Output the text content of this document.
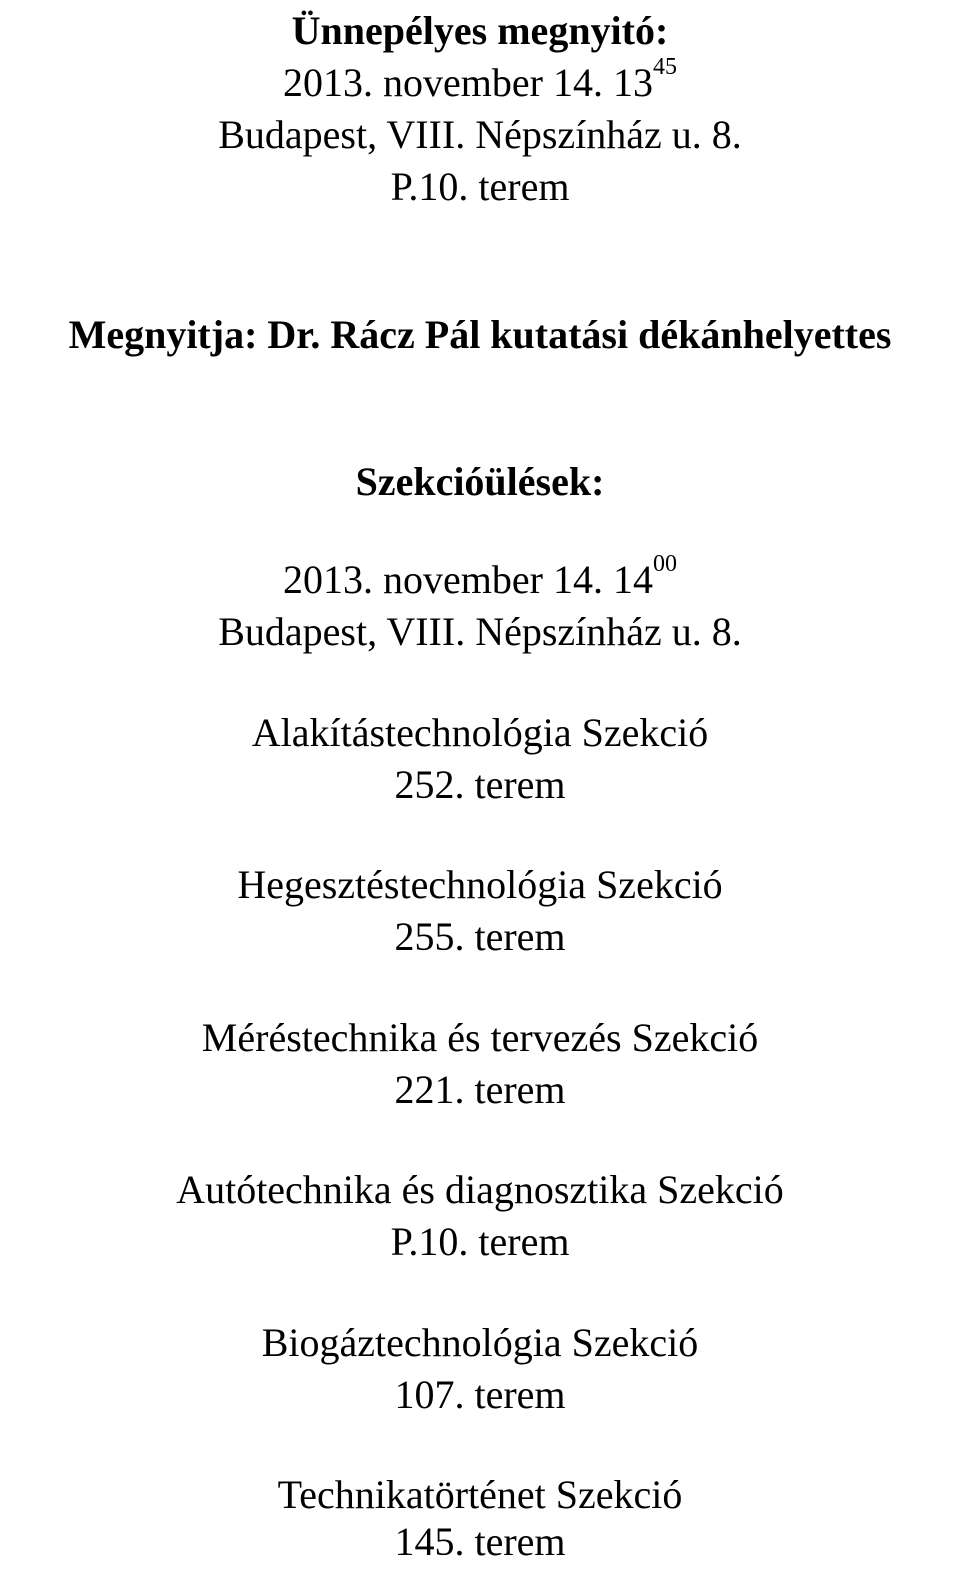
Ünnepélyes megnyitó:
2013. november 14. $13^{45}$
Budapest, VIII. Népszínház u. 8.
P.10. terem
Megnyitja: Dr. Rácz Pál kutatási dékánhelyettes
Szekcióülések:
2013. november 14. $14^{00}$
Budapest, VIII. Népszínház u. 8.
Alakítástechnológia Szekció
252. terem
Hegesztéstechnológia Szekció
255. terem
Méréstechnika és tervezés Szekció
221. terem
Autótechnika és diagnosztika Szekció
P.10. terem
Biogáztechnológia Szekció
107. terem
Technikatörténet Szekció
145. terem
